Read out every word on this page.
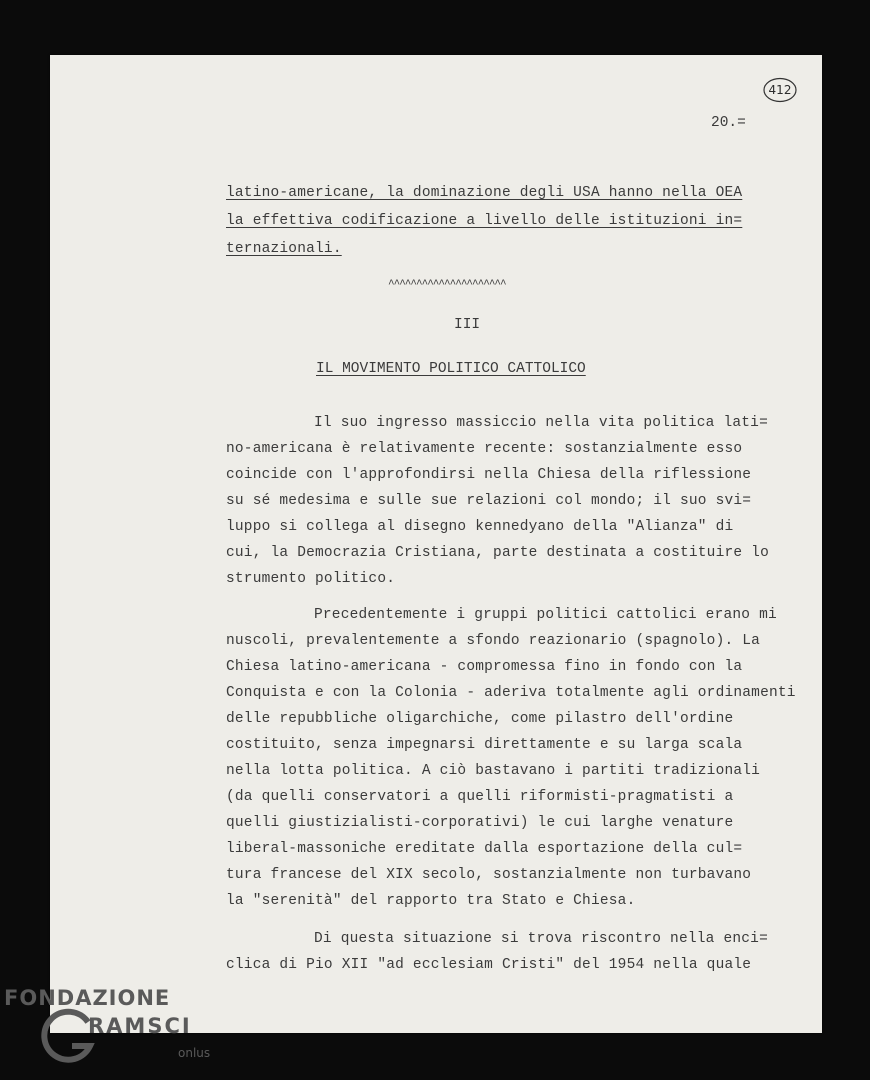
412
20.=
latino-americane, la dominazione degli USA hanno nella OEA
la effettiva codificazione a livello delle istituzioni in=
ternazionali.
^^^^^^^^^^^^^^^^^^^^^
III
IL MOVIMENTO POLITICO CATTOLICO
Il suo ingresso massiccio nella vita politica lati=
no-americana è relativamente recente: sostanzialmente esso
coincide con l'approfondirsi nella Chiesa della riflessione
su sé medesima e sulle sue relazioni col mondo; il suo svi=
luppo si collega al disegno kennedyano della "Alianza" di
cui, la Democrazia Cristiana, parte destinata a costituire lo
strumento politico.
Precedentemente i gruppi politici cattolici erano mi
nuscoli, prevalentemente a sfondo reazionario (spagnolo). La
Chiesa latino-americana - compromessa fino in fondo con la
Conquista e con la Colonia - aderiva totalmente agli ordinamenti
delle repubbliche oligarchiche, come pilastro dell'ordine
costituito, senza impegnarsi direttamente e su larga scala
nella lotta politica. A ciò bastavano i partiti tradizionali
(da quelli conservatori a quelli riformisti-pragmatisti a
quelli giustizialisti-corporativi) le cui larghe venature
liberal-massoniche ereditate dalla esportazione della cul=
tura francese del XIX secolo, sostanzialmente non turbavano
la "serenità" del rapporto tra Stato e Chiesa.
Di questa situazione si trova riscontro nella enci=
clica di Pio XII "ad ecclesiam Cristi" del 1954 nella quale
FONDAZIONE
RAMSCI
onlus
